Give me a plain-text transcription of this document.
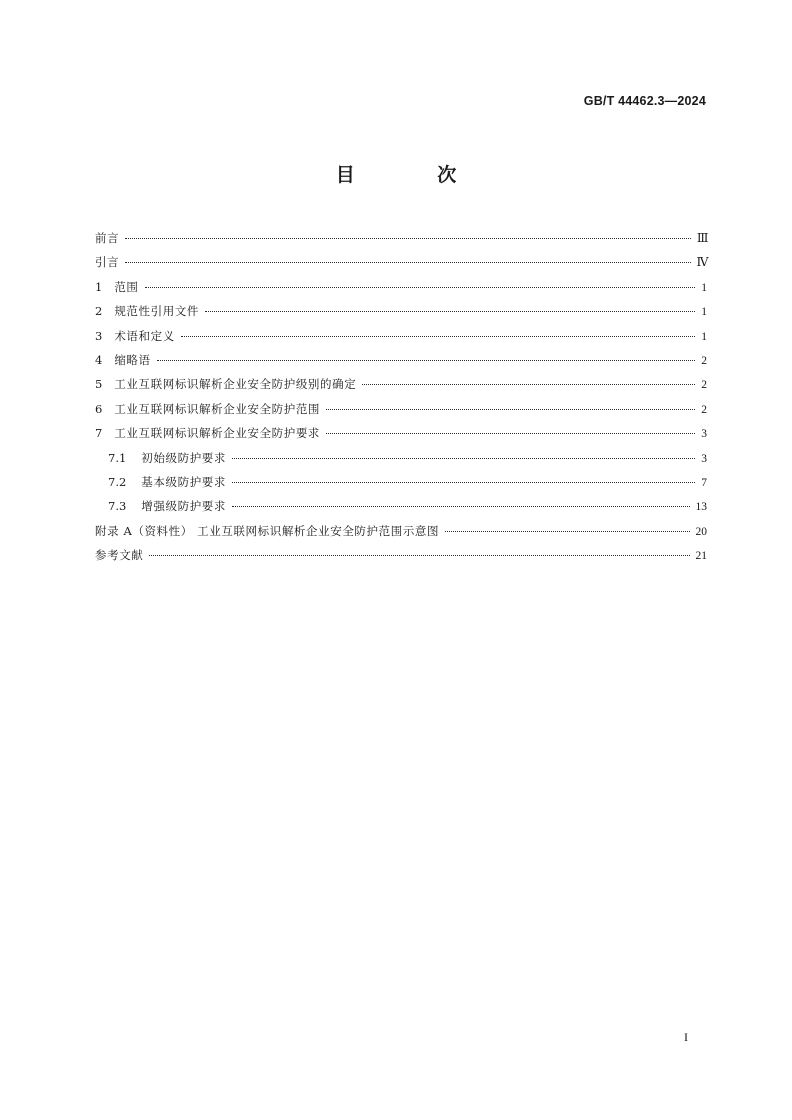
GB/T 44462.3—2024
目 次
前言	Ⅲ
引言	Ⅳ
1 范围	1
2 规范性引用文件	1
3 术语和定义	1
4 缩略语	2
5 工业互联网标识解析企业安全防护级别的确定	2
6 工业互联网标识解析企业安全防护范围	2
7 工业互联网标识解析企业安全防护要求	3
7.1 初始级防护要求	3
7.2 基本级防护要求	7
7.3 增强级防护要求	13
附录 A（资料性） 工业互联网标识解析企业安全防护范围示意图	20
参考文献	21
I
